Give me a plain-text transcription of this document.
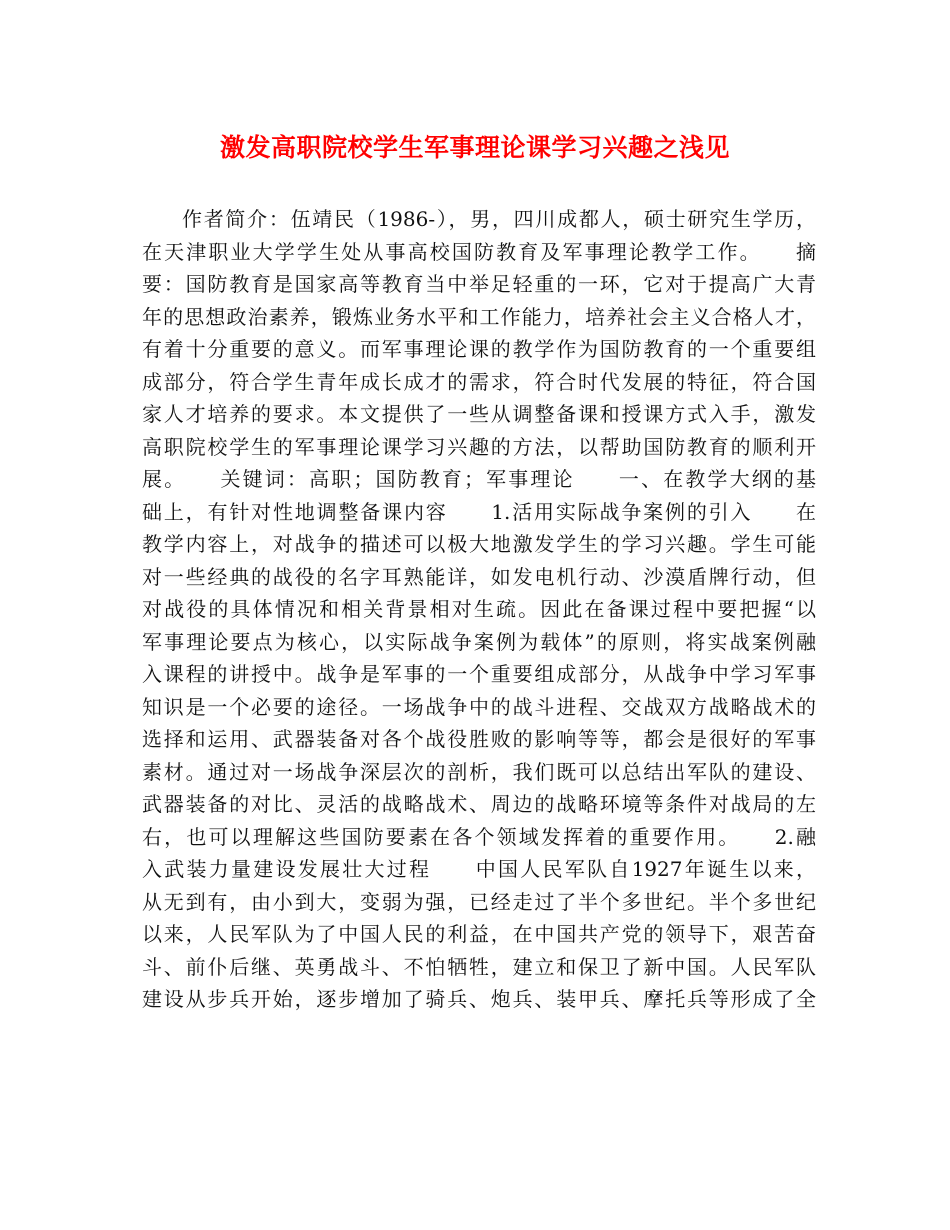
激发高职院校学生军事理论课学习兴趣之浅见
作者简介：伍靖民（1986-），男，四川成都人，硕士研究生学历，
在天津职业大学学生处从事高校国防教育及军事理论教学工作。　　摘
要：国防教育是国家高等教育当中举足轻重的一环，它对于提高广大青
年的思想政治素养，锻炼业务水平和工作能力，培养社会主义合格人才，
有着十分重要的意义。而军事理论课的教学作为国防教育的一个重要组
成部分，符合学生青年成长成才的需求，符合时代发展的特征，符合国
家人才培养的要求。本文提供了一些从调整备课和授课方式入手，激发
高职院校学生的军事理论课学习兴趣的方法，以帮助国防教育的顺利开
展。　　关键词：高职；国防教育；军事理论　　一、在教学大纲的基
础上，有针对性地调整备课内容　　1.活用实际战争案例的引入　　在
教学内容上，对战争的描述可以极大地激发学生的学习兴趣。学生可能
对一些经典的战役的名字耳熟能详，如发电机行动、沙漠盾牌行动，但
对战役的具体情况和相关背景相对生疏。因此在备课过程中要把握“以
军事理论要点为核心，以实际战争案例为载体”的原则，将实战案例融
入课程的讲授中。战争是军事的一个重要组成部分，从战争中学习军事
知识是一个必要的途径。一场战争中的战斗进程、交战双方战略战术的
选择和运用、武器装备对各个战役胜败的影响等等，都会是很好的军事
素材。通过对一场战争深层次的剖析，我们既可以总结出军队的建设、
武器装备的对比、灵活的战略战术、周边的战略环境等条件对战局的左
右，也可以理解这些国防要素在各个领域发挥着的重要作用。　　2.融
入武装力量建设发展壮大过程　　中国人民军队自1927年诞生以来，
从无到有，由小到大，变弱为强，已经走过了半个多世纪。半个多世纪
以来，人民军队为了中国人民的利益，在中国共产党的领导下，艰苦奋
斗、前仆后继、英勇战斗、不怕牺牲，建立和保卫了新中国。人民军队
建设从步兵开始，逐步增加了骑兵、炮兵、装甲兵、摩托兵等形成了全
